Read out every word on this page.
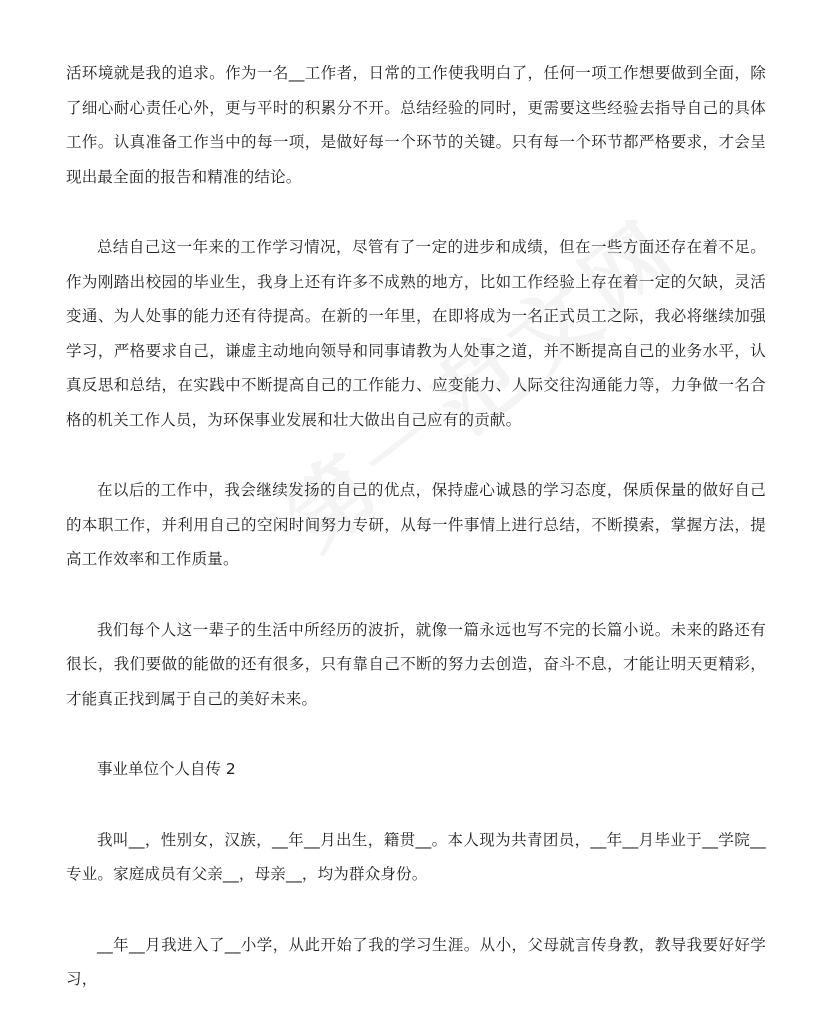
活环境就是我的追求。作为一名__工作者，日常的工作使我明白了，任何一项工作想要做到全面，除了细心耐心责任心外，更与平时的积累分不开。总结经验的同时，更需要这些经验去指导自己的具体工作。认真准备工作当中的每一项，是做好每一个环节的关键。只有每一个环节都严格要求，才会呈现出最全面的报告和精准的结论。

总结自己这一年来的工作学习情况，尽管有了一定的进步和成绩，但在一些方面还存在着不足。作为刚踏出校园的毕业生，我身上还有许多不成熟的地方，比如工作经验上存在着一定的欠缺，灵活变通、为人处事的能力还有待提高。在新的一年里，在即将成为一名正式员工之际，我必将继续加强学习，严格要求自己，谦虚主动地向领导和同事请教为人处事之道，并不断提高自己的业务水平，认真反思和总结，在实践中不断提高自己的工作能力、应变能力、人际交往沟通能力等，力争做一名合格的机关工作人员，为环保事业发展和壮大做出自己应有的贡献。

在以后的工作中，我会继续发扬的自己的优点，保持虚心诚恳的学习态度，保质保量的做好自己的本职工作，并利用自己的空闲时间努力专研，从每一件事情上进行总结，不断摸索，掌握方法，提高工作效率和工作质量。

我们每个人这一辈子的生活中所经历的波折，就像一篇永远也写不完的长篇小说。未来的路还有很长，我们要做的能做的还有很多，只有靠自己不断的努力去创造，奋斗不息，才能让明天更精彩，才能真正找到属于自己的美好未来。

事业单位个人自传 2

我叫__，性别女，汉族，__年__月出生，籍贯__。本人现为共青团员，__年__月毕业于__学院__专业。家庭成员有父亲__，母亲__，均为群众身份。

__年__月我进入了__小学，从此开始了我的学习生涯。从小，父母就言传身教，教导我要好好学习，
